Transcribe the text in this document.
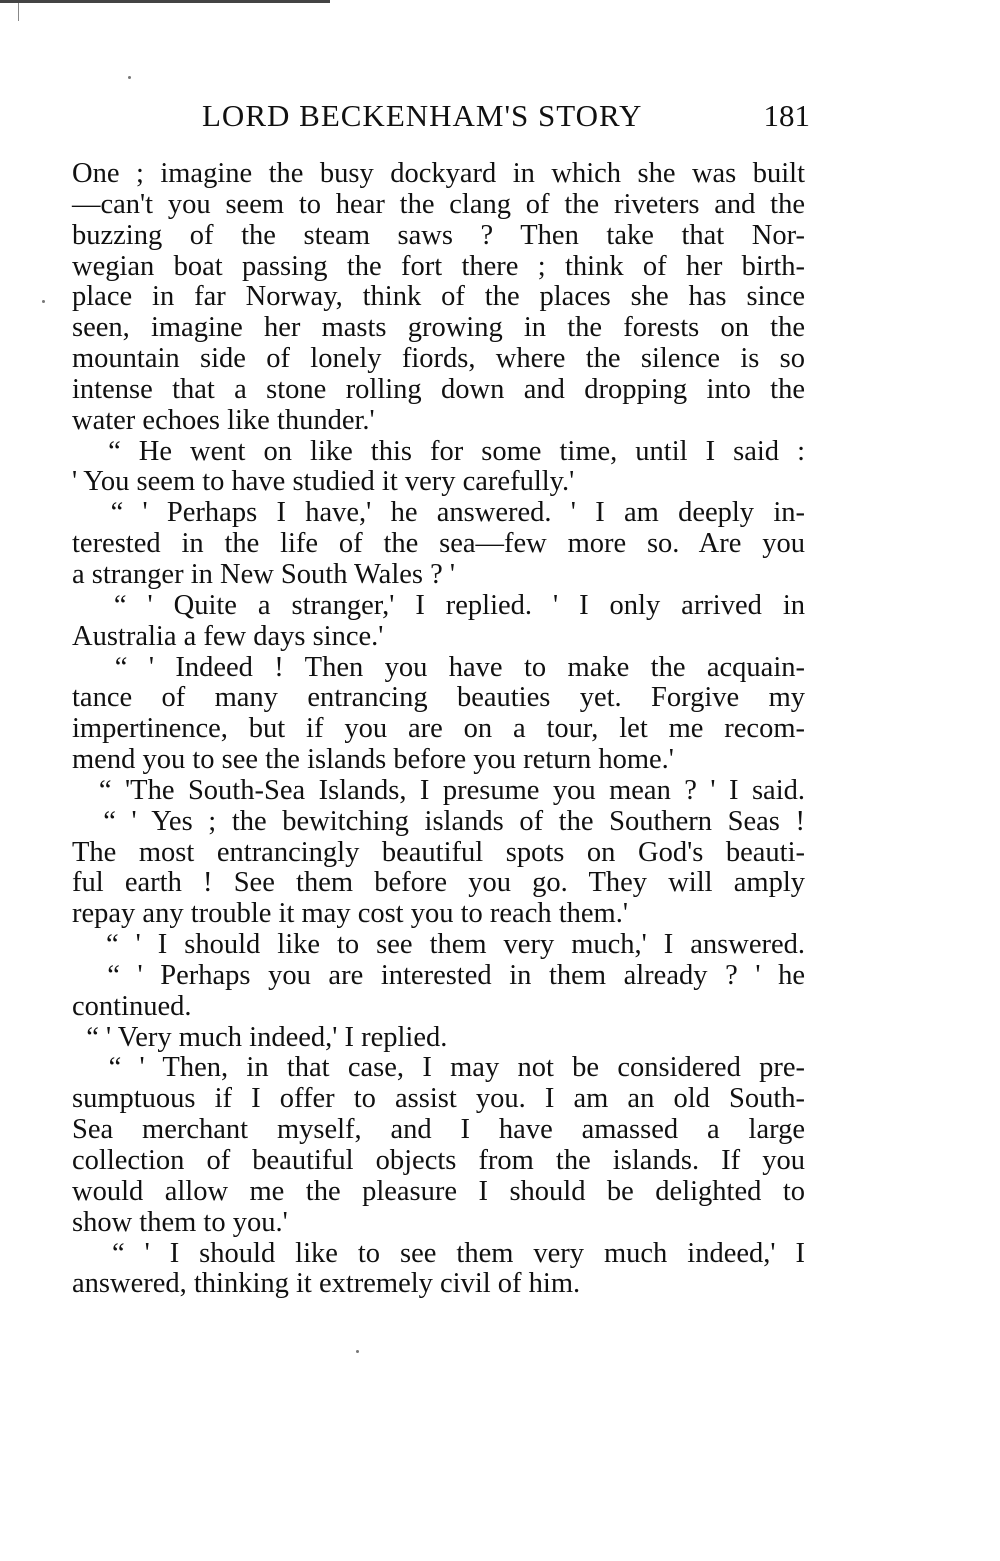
LORD BECKENHAM'S STORY	181
One ; imagine the busy dockyard in which she was built
—can't you seem to hear the clang of the riveters and the
buzzing of the steam saws ? Then take that Nor-
wegian boat passing the fort there ; think of her birth-
place in far Norway, think of the places she has since
seen, imagine her masts growing in the forests on the
mountain side of lonely fiords, where the silence is so
intense that a stone rolling down and dropping into the
water echoes like thunder.'
“ He went on like this for some time, until I said :
' You seem to have studied it very carefully.'
“ ' Perhaps I have,' he answered. ' I am deeply in-
terested in the life of the sea—few more so. Are you
a stranger in New South Wales ? '
“ ' Quite a stranger,' I replied. ' I only arrived in
Australia a few days since.'
“ ' Indeed ! Then you have to make the acquain-
tance of many entrancing beauties yet. Forgive my
impertinence, but if you are on a tour, let me recom-
mend you to see the islands before you return home.'
“ 'The South-Sea Islands, I presume you mean ? ' I said.
“ ' Yes ; the bewitching islands of the Southern Seas !
The most entrancingly beautiful spots on God's beauti-
ful earth ! See them before you go. They will amply
repay any trouble it may cost you to reach them.'
“ ' I should like to see them very much,' I answered.
“ ' Perhaps you are interested in them already ? ' he
continued.
“ ' Very much indeed,' I replied.
“ ' Then, in that case, I may not be considered pre-
sumptuous if I offer to assist you. I am an old South-
Sea merchant myself, and I have amassed a large
collection of beautiful objects from the islands. If you
would allow me the pleasure I should be delighted to
show them to you.'
“ ' I should like to see them very much indeed,' I
answered, thinking it extremely civil of him.
